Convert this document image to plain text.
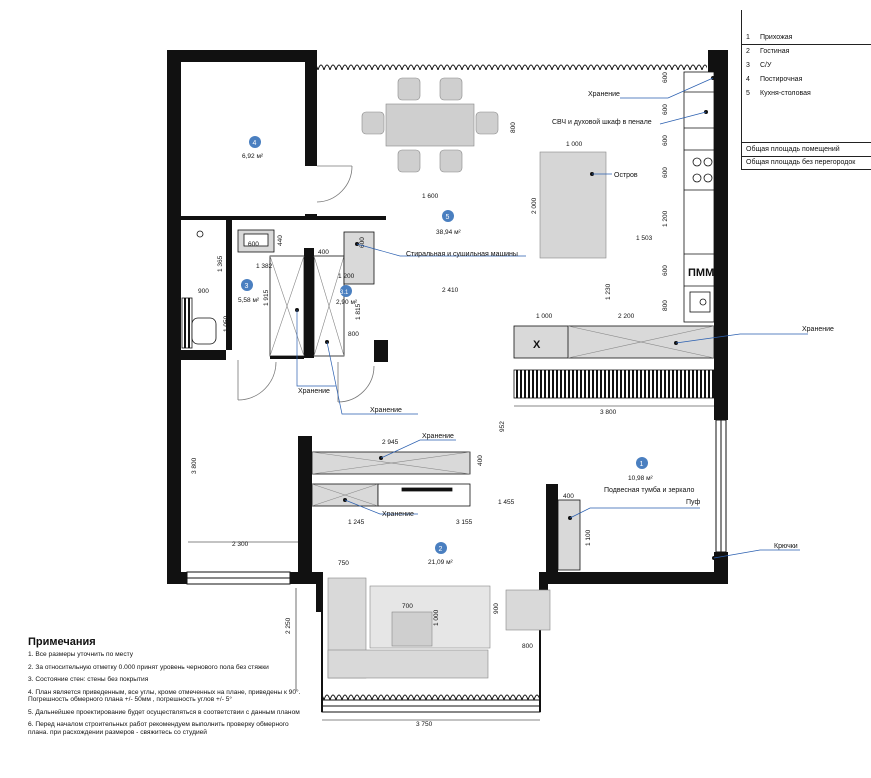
ПММ
600
600
600
600
1 200
600
800
800
1 600
Остров
1 000
2 000
1 503
1 230
X
1 000	2 200
3 800
2 410
952
2 945
400
1 455
1 245	3 155
400
1 100
750
700
1 000
900
800
2 250
3 750
2 300
3 800
600	440
1 365	1 382
400
600
1 200
900	1 915
1 050
1 815
800
4
6,92 м²
5
38,94 м²
3
5,58 м²
3.1
2,90 м²
1
10,98 м²
2
21,09 м²
Хранение
СВЧ и духовой шкаф в пенале
Стиральная и сушильная машины
Хранение
Хранение
Хранение
Хранение
Хранение
Подвесная тумба и зеркало
Пуф
Крючки
1 Прихожая
2 Гостиная
3 С/У
4 Постирочная
5 Кухня-столовая
Общая площадь помещений
Общая площадь без перегородок
Примечания

1. Все размеры уточнить по месту

2. За относительную отметку 0.000 принят уровень чернового пола без стяжки

3. Состояние стен: стены без покрытия

4. План является приведенным, все углы, кроме отмеченных на плане, приведены к 90°. Погрешность обмерного плана +/- 50мм , погрешность углов +/- 5°

5. Дальнейшее проектирование будет осуществляться в соответствии с данным планом

6. Перед началом строительных работ рекомендуем выполнить проверку обмерного плана. при расхождении размеров - свяжитесь со студией
